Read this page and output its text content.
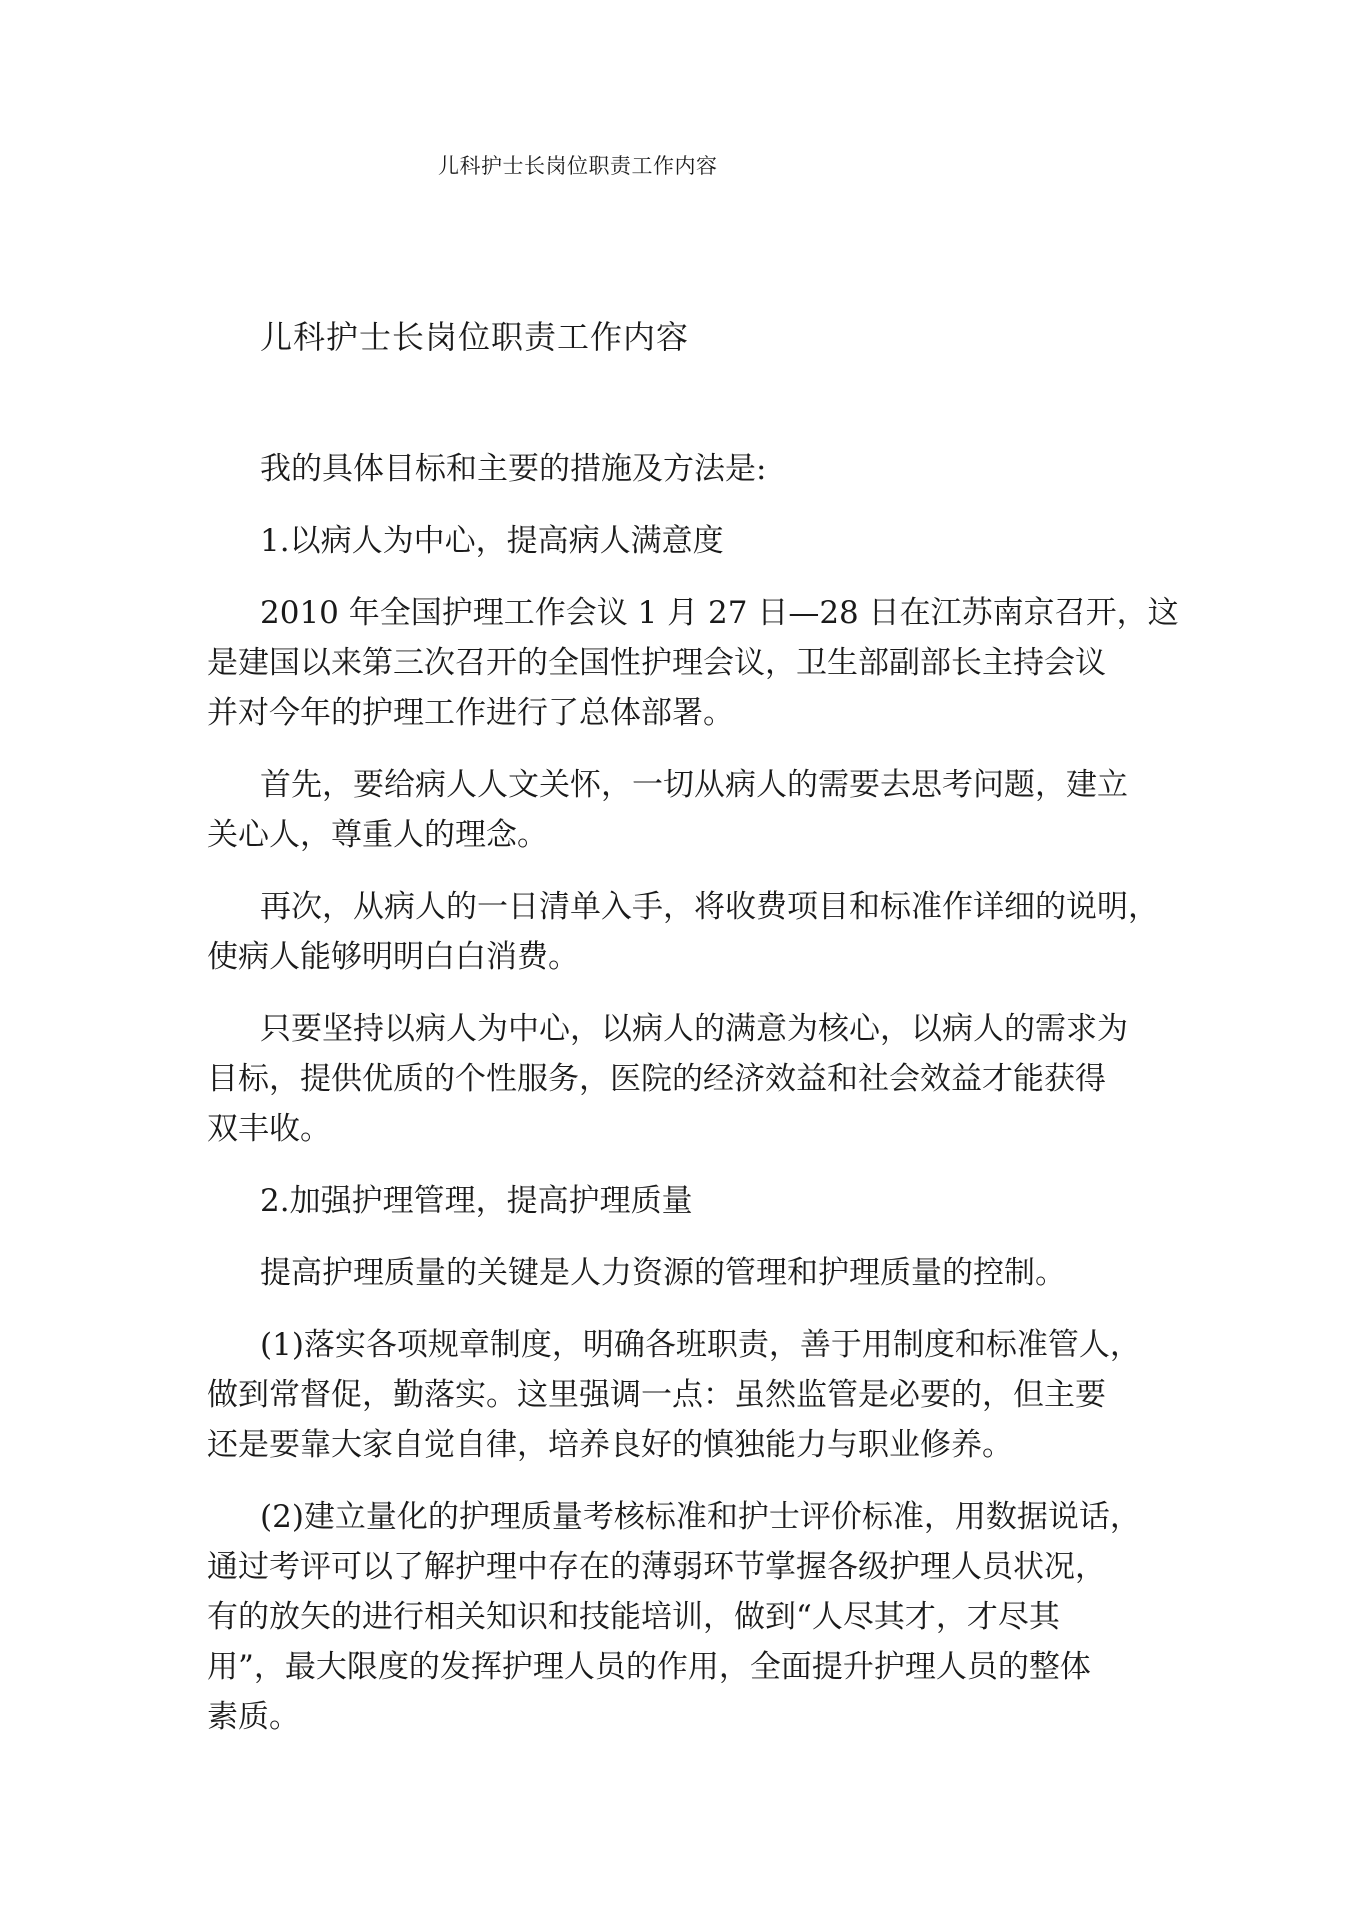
儿科护士长岗位职责工作内容
儿科护士长岗位职责工作内容
我的具体目标和主要的措施及方法是:
1.以病人为中心，提高病人满意度
2010 年全国护理工作会议 1 月 27 日—28 日在江苏南京召开，这
是建国以来第三次召开的全国性护理会议，卫生部副部长主持会议
并对今年的护理工作进行了总体部署。
首先，要给病人人文关怀，一切从病人的需要去思考问题，建立
关心人，尊重人的理念。
再次，从病人的一日清单入手，将收费项目和标准作详细的说明，
使病人能够明明白白消费。
只要坚持以病人为中心，以病人的满意为核心，以病人的需求为
目标，提供优质的个性服务，医院的经济效益和社会效益才能获得
双丰收。
2.加强护理管理，提高护理质量
提高护理质量的关键是人力资源的管理和护理质量的控制。
(1)落实各项规章制度，明确各班职责，善于用制度和标准管人，
做到常督促，勤落实。这里强调一点：虽然监管是必要的，但主要
还是要靠大家自觉自律，培养良好的慎独能力与职业修养。
(2)建立量化的护理质量考核标准和护士评价标准，用数据说话，
通过考评可以了解护理中存在的薄弱环节掌握各级护理人员状况，
有的放矢的进行相关知识和技能培训，做到“人尽其才，才尽其
用”，最大限度的发挥护理人员的作用，全面提升护理人员的整体
素质。
